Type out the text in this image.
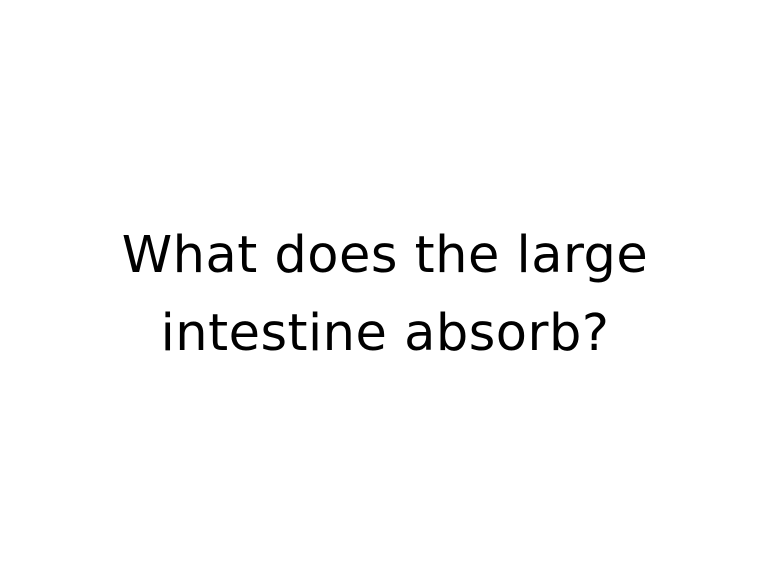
What does the large
intestine absorb?
